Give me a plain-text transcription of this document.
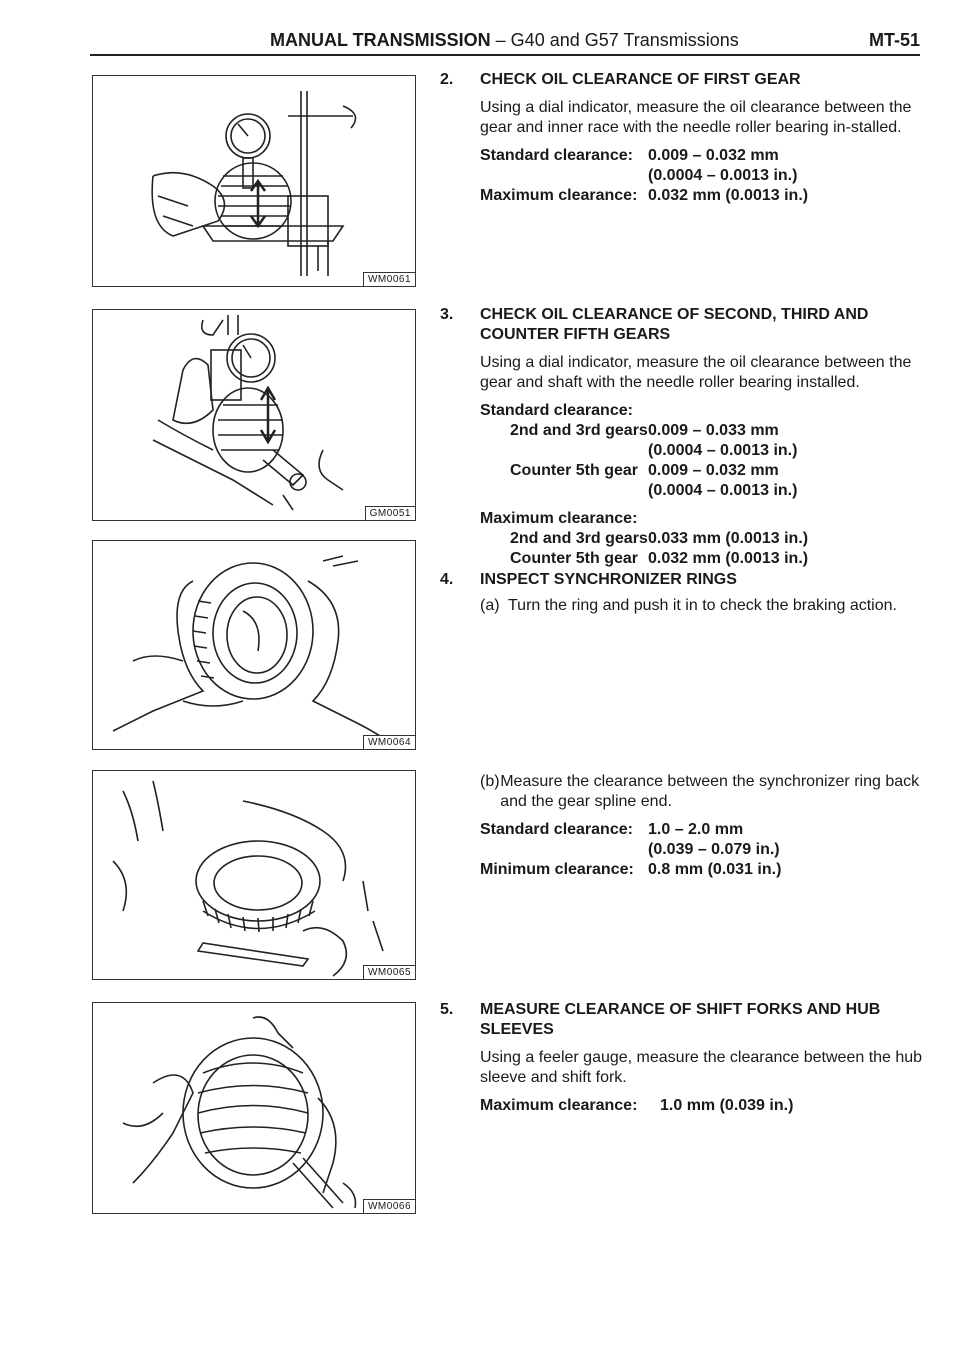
MANUAL TRANSMISSION – G40 and G57 Transmissions	MT-51
WM0061
GM0051
WM0064
WM0065
WM0066
2. CHECK OIL CLEARANCE OF FIRST GEAR
Using a dial indicator, measure the oil clearance between the gear and inner race with the needle roller bearing in-stalled.
Standard clearance: 0.009 – 0.032 mm
(0.0004 – 0.0013 in.)
Maximum clearance: 0.032 mm (0.0013 in.)
3. CHECK OIL CLEARANCE OF SECOND, THIRD AND COUNTER FIFTH GEARS
Using a dial indicator, measure the oil clearance between the gear and shaft with the needle roller bearing installed.
Standard clearance:
2nd and 3rd gears 0.009 – 0.033 mm
(0.0004 – 0.0013 in.)
Counter 5th gear 0.009 – 0.032 mm
(0.0004 – 0.0013 in.)
Maximum clearance:
2nd and 3rd gears 0.033 mm (0.0013 in.)
Counter 5th gear 0.032 mm (0.0013 in.)
4. INSPECT SYNCHRONIZER RINGS
(a) Turn the ring and push it in to check the braking action.
(b) Measure the clearance between the synchronizer ring back and the gear spline end.
Standard clearance: 1.0 – 2.0 mm
(0.039 – 0.079 in.)
Minimum clearance: 0.8 mm (0.031 in.)
5. MEASURE CLEARANCE OF SHIFT FORKS AND HUB SLEEVES
Using a feeler gauge, measure the clearance between the hub sleeve and shift fork.
Maximum clearance:	1.0 mm (0.039 in.)
